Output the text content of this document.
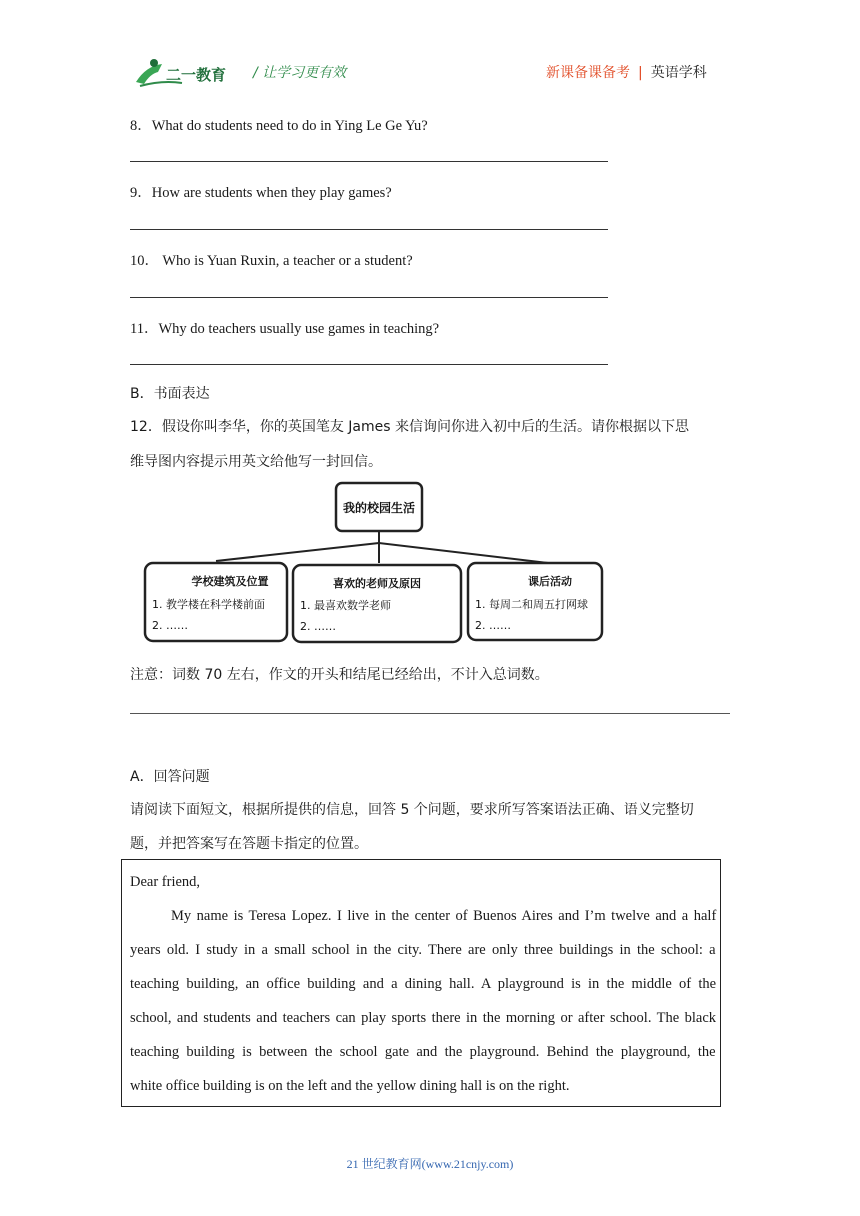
二一教育 / 让学习更有效	新课备课备考 | 英语学科
8．What do students need to do in Ying Le Ge Yu?
9．How are students when they play games?
10． Who is Yuan Ruxin, a teacher or a student?
11．Why do teachers usually use games in teaching?
B．书面表达
12．假设你叫李华，你的英国笔友 James 来信询问你进入初中后的生活。请你根据以下思
维导图内容提示用英文给他写一封回信。
我的校园生活
学校建筑及位置
1. 教学楼在科学楼前面
2. ……
喜欢的老师及原因
1. 最喜欢数学老师
2. ……
课后活动
1. 每周二和周五打网球
2. ……
注意：词数 70 左右，作文的开头和结尾已经给出，不计入总词数。
A．回答问题
请阅读下面短文，根据所提供的信息，回答 5 个问题，要求所写答案语法正确、语义完整切
题，并把答案写在答题卡指定的位置。
Dear friend,
My name is Teresa Lopez. I live in the center of Buenos Aires and I’m twelve and a half
years old. I study in a small school in the city. There are only three buildings in the school: a
teaching building, an office building and a dining hall. A playground is in the middle of the
school, and students and teachers can play sports there in the morning or after school. The black
teaching building is between the school gate and the playground. Behind the playground, the
white office building is on the left and the yellow dining hall is on the right.
21 世纪教育网(www.21cnjy.com)
